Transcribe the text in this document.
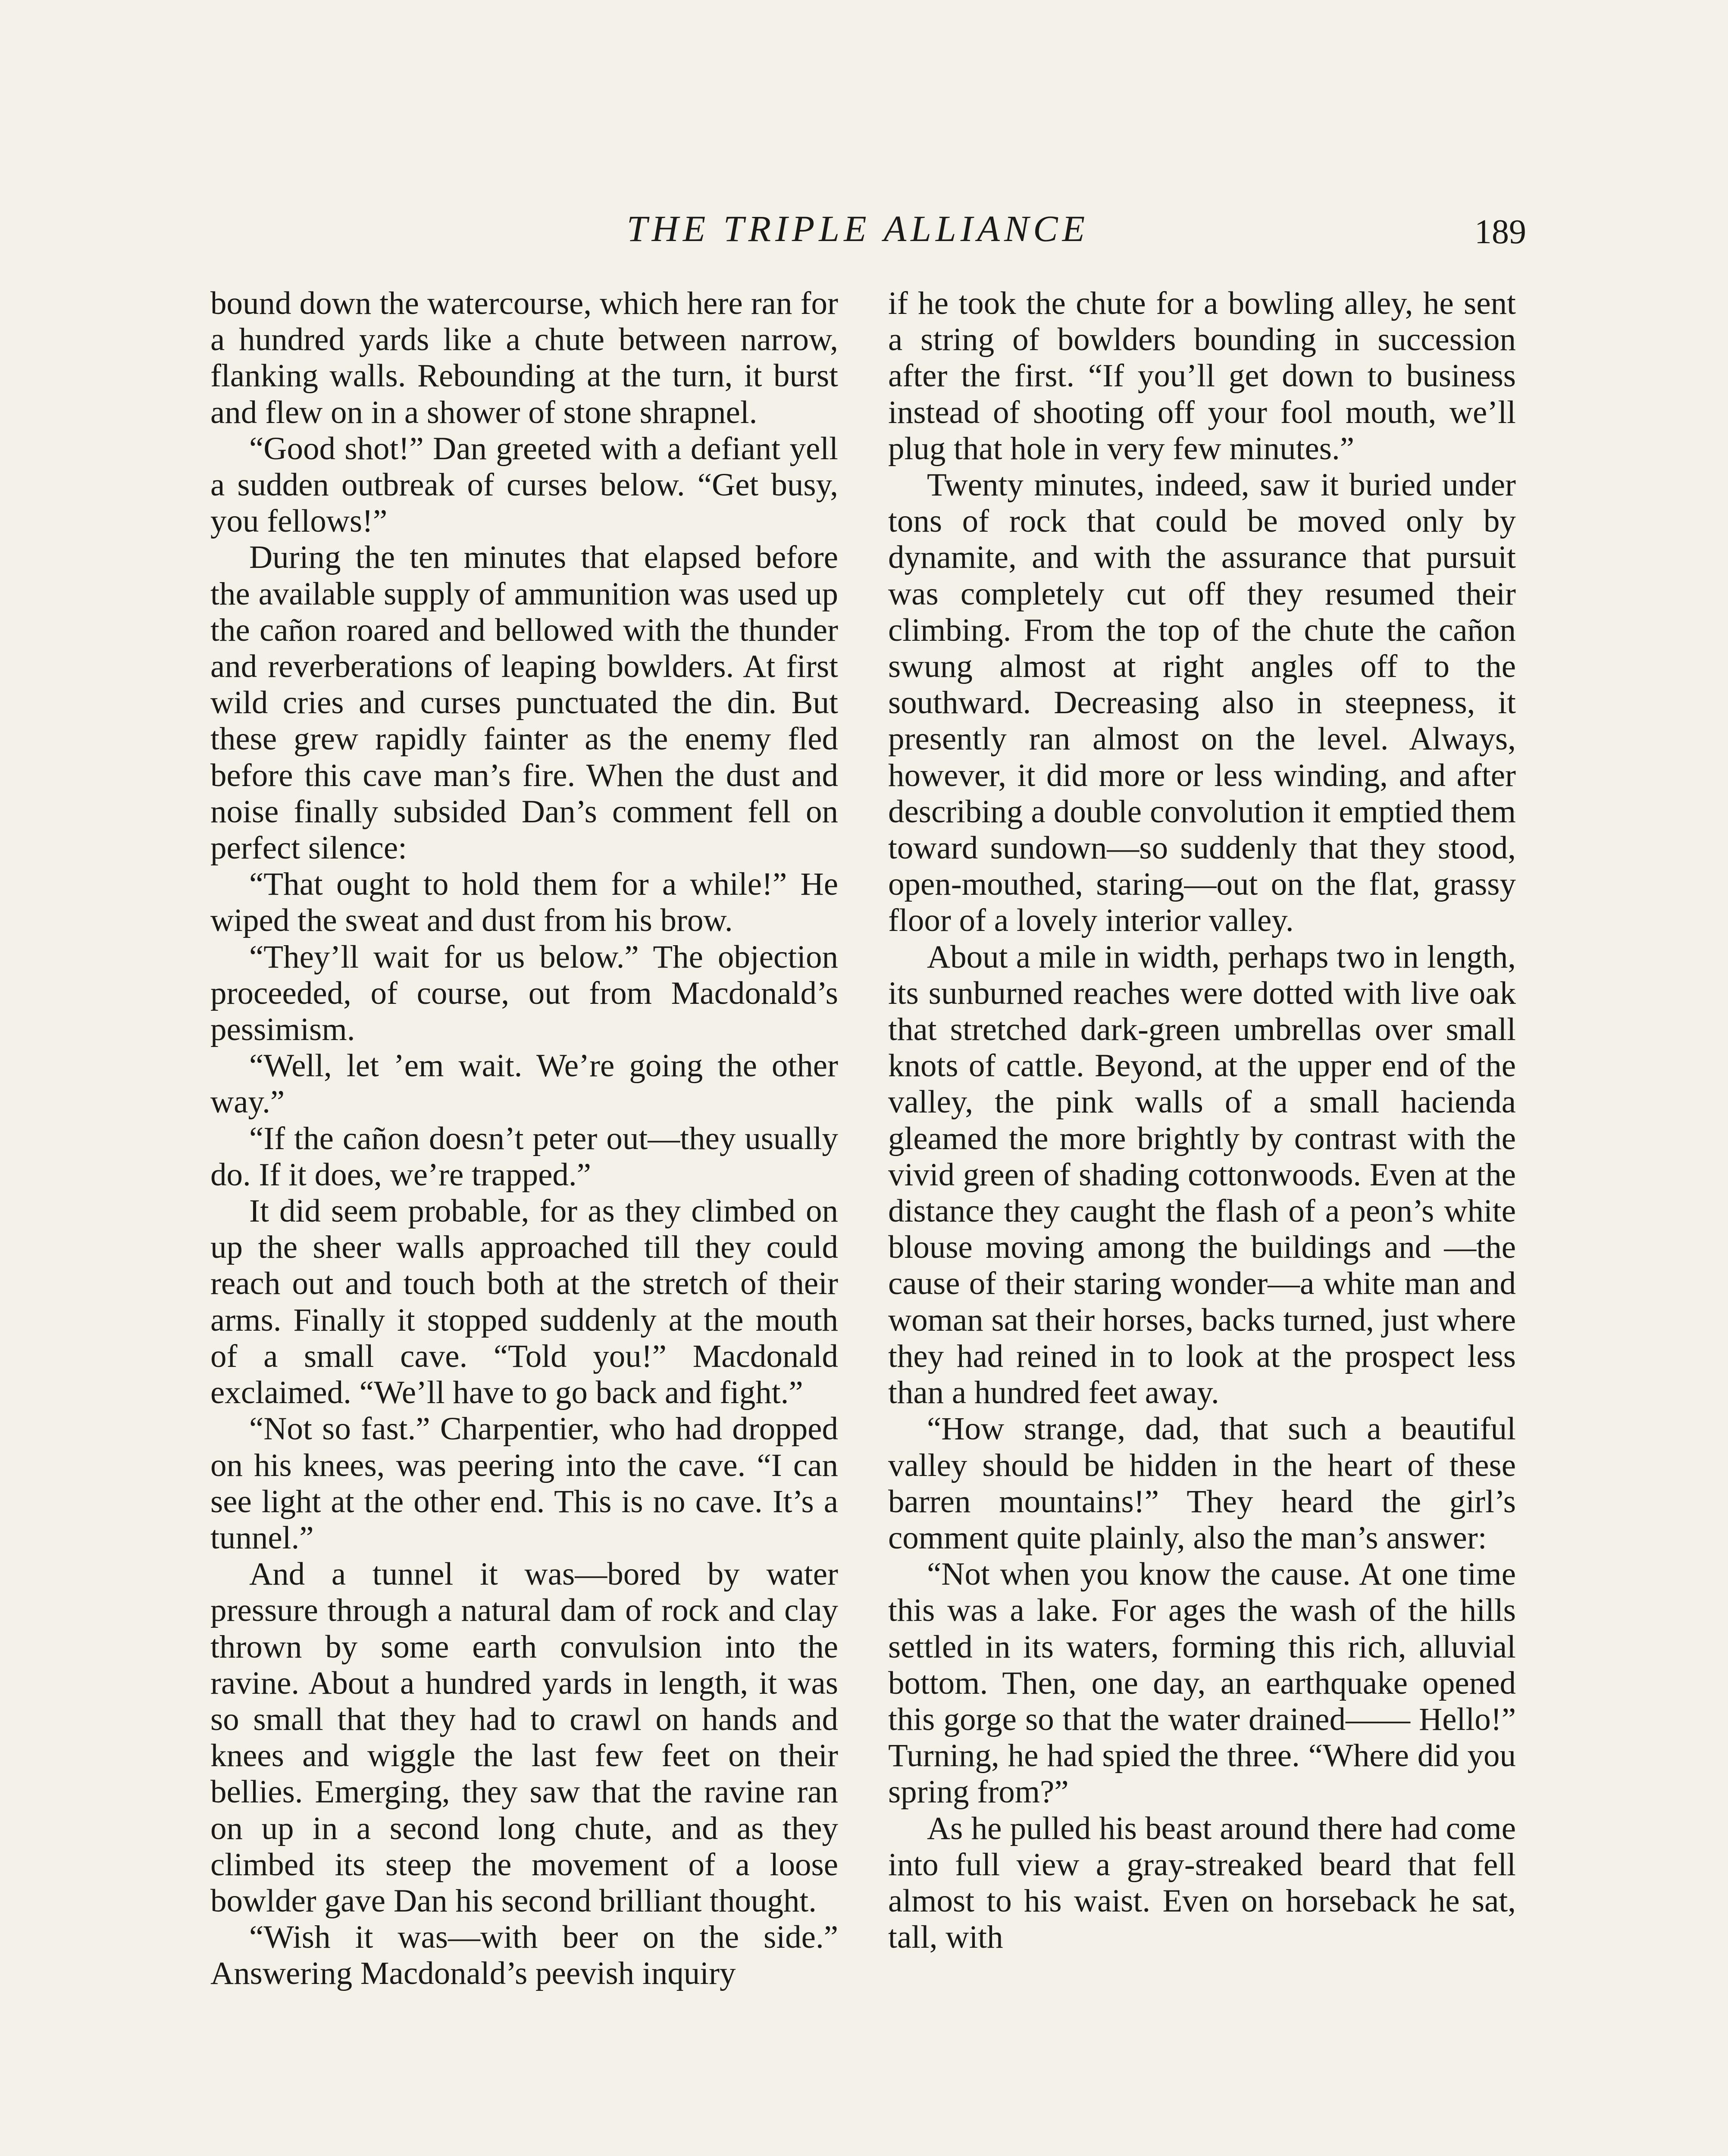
THE TRIPLE ALLIANCE	189

bound down the watercourse, which here ran for a hundred yards like a chute between narrow, flanking walls. Rebounding at the turn, it burst and flew on in a shower of stone shrapnel.

“Good shot!” Dan greeted with a defiant yell a sudden outbreak of curses below. “Get busy, you fellows!”

During the ten minutes that elapsed before the available supply of ammunition was used up the cañon roared and bellowed with the thunder and reverberations of leaping bowlders. At first wild cries and curses punctuated the din. But these grew rapidly fainter as the enemy fled before this cave man’s fire. When the dust and noise finally subsided Dan’s comment fell on perfect silence:

“That ought to hold them for a while!” He wiped the sweat and dust from his brow.

“They’ll wait for us below.” The objection proceeded, of course, out from Macdonald’s pessimism.

“Well, let ’em wait. We’re going the other way.”

“If the cañon doesn’t peter out—they usually do. If it does, we’re trapped.”

It did seem probable, for as they climbed on up the sheer walls approached till they could reach out and touch both at the stretch of their arms. Finally it stopped suddenly at the mouth of a small cave. “Told you!” Macdonald exclaimed. “We’ll have to go back and fight.”

“Not so fast.” Charpentier, who had dropped on his knees, was peering into the cave. “I can see light at the other end. This is no cave. It’s a tunnel.”

And a tunnel it was—bored by water pressure through a natural dam of rock and clay thrown by some earth convulsion into the ravine. About a hundred yards in length, it was so small that they had to crawl on hands and knees and wiggle the last few feet on their bellies. Emerging, they saw that the ravine ran on up in a second long chute, and as they climbed its steep the movement of a loose bowlder gave Dan his second brilliant thought.

“Wish it was—with beer on the side.” Answering Macdonald’s peevish inquiry

if he took the chute for a bowling alley, he sent a string of bowlders bounding in succession after the first. “If you’ll get down to business instead of shooting off your fool mouth, we’ll plug that hole in very few minutes.”

Twenty minutes, indeed, saw it buried under tons of rock that could be moved only by dynamite, and with the assurance that pursuit was completely cut off they resumed their climbing. From the top of the chute the cañon swung almost at right angles off to the southward. Decreasing also in steepness, it presently ran almost on the level. Always, however, it did more or less winding, and after describing a double convolution it emptied them toward sundown—so suddenly that they stood, open-mouthed, staring—out on the flat, grassy floor of a lovely interior valley.

About a mile in width, perhaps two in length, its sunburned reaches were dotted with live oak that stretched dark-green umbrellas over small knots of cattle. Beyond, at the upper end of the valley, the pink walls of a small hacienda gleamed the more brightly by contrast with the vivid green of shading cottonwoods. Even at the distance they caught the flash of a peon’s white blouse moving among the buildings and —the cause of their staring wonder—a white man and woman sat their horses, backs turned, just where they had reined in to look at the prospect less than a hundred feet away.

“How strange, dad, that such a beautiful valley should be hidden in the heart of these barren mountains!” They heard the girl’s comment quite plainly, also the man’s answer:

“Not when you know the cause. At one time this was a lake. For ages the wash of the hills settled in its waters, forming this rich, alluvial bottom. Then, one day, an earthquake opened this gorge so that the water drained—— Hello!” Turning, he had spied the three. “Where did you spring from?”

As he pulled his beast around there had come into full view a gray-streaked beard that fell almost to his waist. Even on horseback he sat, tall, with
